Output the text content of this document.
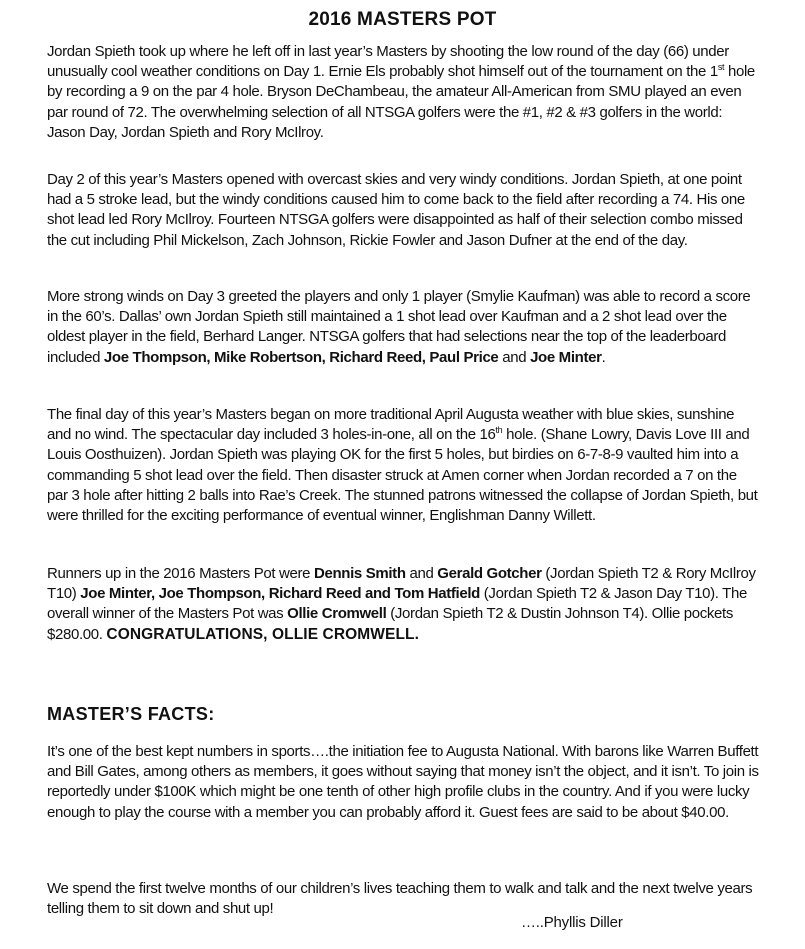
2016 MASTERS POT

Jordan Spieth took up where he left off in last year’s Masters by shooting the low round of the day (66) under unusually cool weather conditions on Day 1. Ernie Els probably shot himself out of the tournament on the 1st hole by recording a 9 on the par 4 hole. Bryson DeChambeau, the amateur All-American from SMU played an even par round of 72. The overwhelming selection of all NTSGA golfers were the #1, #2 & #3 golfers in the world: Jason Day, Jordan Spieth and Rory McIlroy.

Day 2 of this year’s Masters opened with overcast skies and very windy conditions. Jordan Spieth, at one point had a 5 stroke lead, but the windy conditions caused him to come back to the field after recording a 74. His one shot lead led Rory McIlroy. Fourteen NTSGA golfers were disappointed as half of their selection combo missed the cut including Phil Mickelson, Zach Johnson, Rickie Fowler and Jason Dufner at the end of the day.

More strong winds on Day 3 greeted the players and only 1 player (Smylie Kaufman) was able to record a score in the 60’s. Dallas’ own Jordan Spieth still maintained a 1 shot lead over Kaufman and a 2 shot lead over the oldest player in the field, Berhard Langer. NTSGA golfers that had selections near the top of the leaderboard included Joe Thompson, Mike Robertson, Richard Reed, Paul Price and Joe Minter.

The final day of this year’s Masters began on more traditional April Augusta weather with blue skies, sunshine and no wind. The spectacular day included 3 holes-in-one, all on the 16th hole. (Shane Lowry, Davis Love III and Louis Oosthuizen). Jordan Spieth was playing OK for the first 5 holes, but birdies on 6-7-8-9 vaulted him into a commanding 5 shot lead over the field. Then disaster struck at Amen corner when Jordan recorded a 7 on the par 3 hole after hitting 2 balls into Rae’s Creek. The stunned patrons witnessed the collapse of Jordan Spieth, but were thrilled for the exciting performance of eventual winner, Englishman Danny Willett.

Runners up in the 2016 Masters Pot were Dennis Smith and Gerald Gotcher (Jordan Spieth T2 & Rory McIlroy T10) Joe Minter, Joe Thompson, Richard Reed and Tom Hatfield (Jordan Spieth T2 & Jason Day T10). The overall winner of the Masters Pot was Ollie Cromwell (Jordan Spieth T2 & Dustin Johnson T4). Ollie pockets $280.00. CONGRATULATIONS, OLLIE CROMWELL.

MASTER’S FACTS:

It’s one of the best kept numbers in sports….the initiation fee to Augusta National. With barons like Warren Buffett and Bill Gates, among others as members, it goes without saying that money isn’t the object, and it isn’t. To join is reportedly under $100K which might be one tenth of other high profile clubs in the country. And if you were lucky enough to play the course with a member you can probably afford it. Guest fees are said to be about $40.00.

We spend the first twelve months of our children’s lives teaching them to walk and talk and the next twelve years telling them to sit down and shut up!

…..Phyllis Diller
